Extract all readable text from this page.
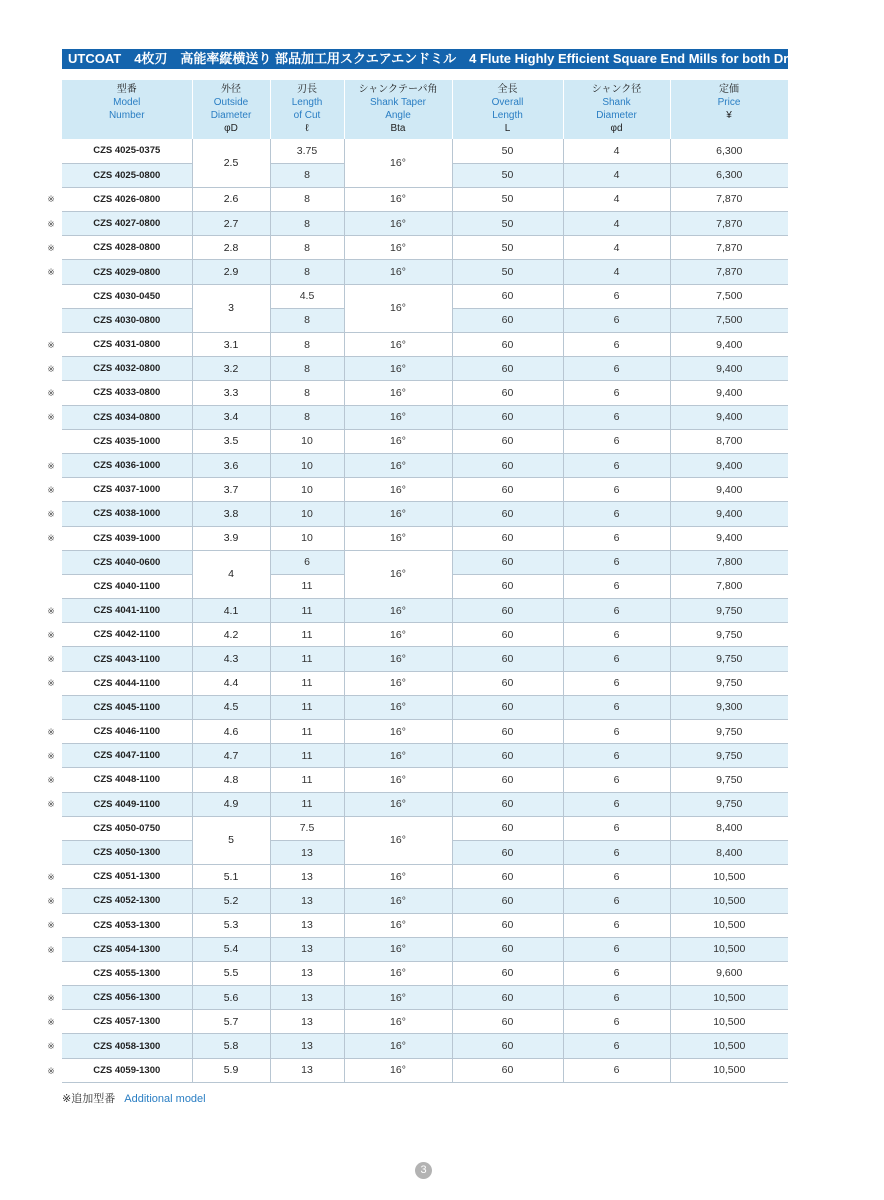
UTCOAT　4枚刃　高能率縦横送り 部品加工用スクエアエンドミル　4 Flute Highly Efficient Square End Mills for both Drilling & Slotting
※
※
※
※
※
※
※
※
※
※
※
※
※
※
※
※
※
※
※
※
※
※
※
※
※
※
※
※
型番
Model
Number	外径
Outside
Diameter
φD	刃長
Length
of Cut
ℓ	シャンクテーパ角
Shank Taper
Angle
Bta	全長
Overall
Length
L	シャンク径
Shank
Diameter
φd	定価
Price
¥

CZS 4025-0375	2.5	3.75	16°	50	4	6,300
CZS 4025-0800		8		50	4	6,300
CZS 4026-0800	2.6	8	16°	50	4	7,870
CZS 4027-0800	2.7	8	16°	50	4	7,870
CZS 4028-0800	2.8	8	16°	50	4	7,870
CZS 4029-0800	2.9	8	16°	50	4	7,870
CZS 4030-0450	3	4.5	16°	60	6	7,500
CZS 4030-0800		8		60	6	7,500
CZS 4031-0800	3.1	8	16°	60	6	9,400
CZS 4032-0800	3.2	8	16°	60	6	9,400
CZS 4033-0800	3.3	8	16°	60	6	9,400
CZS 4034-0800	3.4	8	16°	60	6	9,400
CZS 4035-1000	3.5	10	16°	60	6	8,700
CZS 4036-1000	3.6	10	16°	60	6	9,400
CZS 4037-1000	3.7	10	16°	60	6	9,400
CZS 4038-1000	3.8	10	16°	60	6	9,400
CZS 4039-1000	3.9	10	16°	60	6	9,400
CZS 4040-0600	4	6	16°	60	6	7,800
CZS 4040-1100		11		60	6	7,800
CZS 4041-1100	4.1	11	16°	60	6	9,750
CZS 4042-1100	4.2	11	16°	60	6	9,750
CZS 4043-1100	4.3	11	16°	60	6	9,750
CZS 4044-1100	4.4	11	16°	60	6	9,750
CZS 4045-1100	4.5	11	16°	60	6	9,300
CZS 4046-1100	4.6	11	16°	60	6	9,750
CZS 4047-1100	4.7	11	16°	60	6	9,750
CZS 4048-1100	4.8	11	16°	60	6	9,750
CZS 4049-1100	4.9	11	16°	60	6	9,750
CZS 4050-0750	5	7.5	16°	60	6	8,400
CZS 4050-1300		13		60	6	8,400
CZS 4051-1300	5.1	13	16°	60	6	10,500
CZS 4052-1300	5.2	13	16°	60	6	10,500
CZS 4053-1300	5.3	13	16°	60	6	10,500
CZS 4054-1300	5.4	13	16°	60	6	10,500
CZS 4055-1300	5.5	13	16°	60	6	9,600
CZS 4056-1300	5.6	13	16°	60	6	10,500
CZS 4057-1300	5.7	13	16°	60	6	10,500
CZS 4058-1300	5.8	13	16°	60	6	10,500
CZS 4059-1300	5.9	13	16°	60	6	10,500
※追加型番 Additional model
3
